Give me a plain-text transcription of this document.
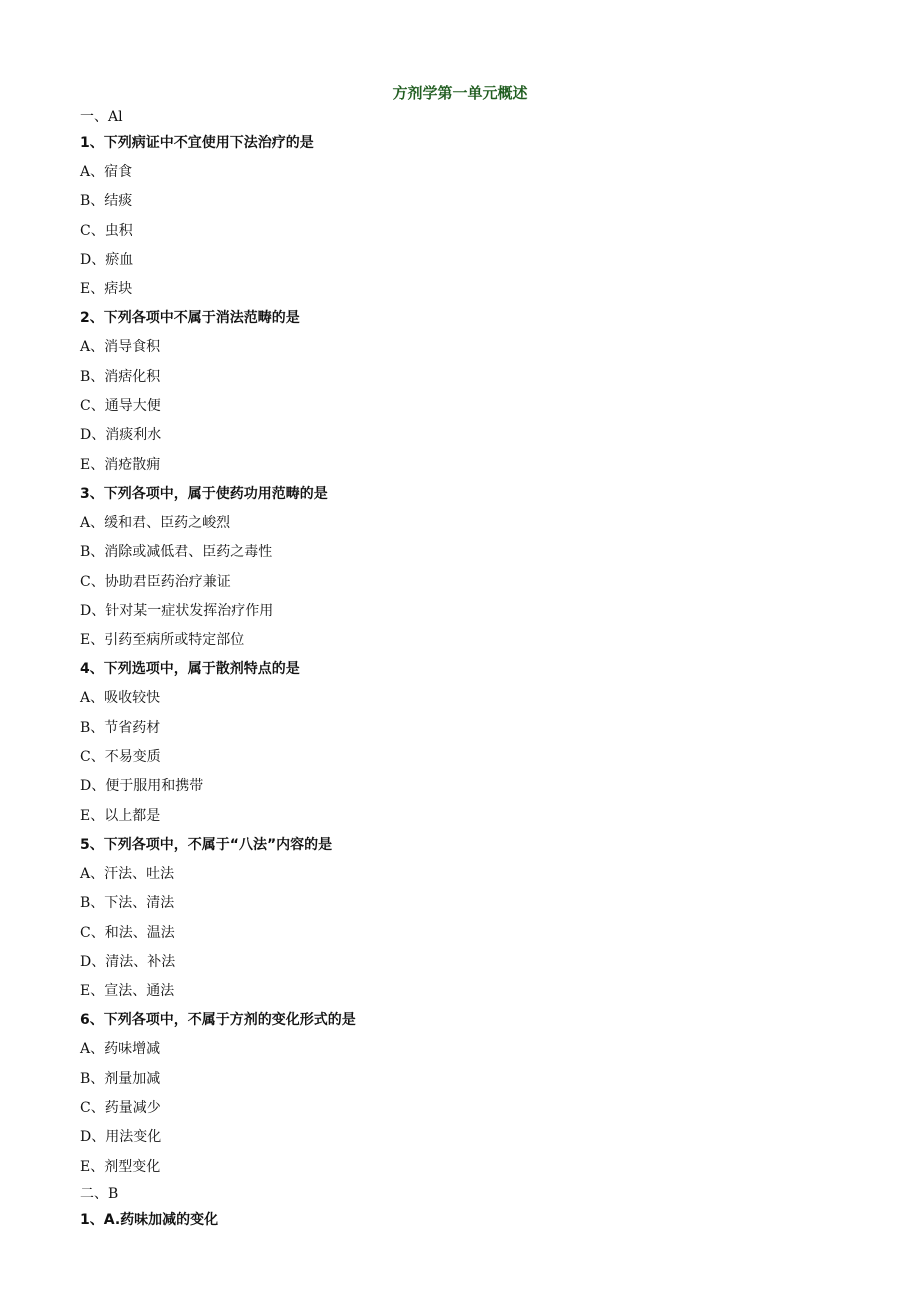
方剂学第一单元概述
一、Al
1、下列病证中不宜使用下法治疗的是
A、宿食
B、结痰
C、虫积
D、瘀血
E、痞块
2、下列各项中不属于消法范畴的是
A、消导食积
B、消痞化积
C、通导大便
D、消痰利水
E、消疮散痈
3、下列各项中，属于使药功用范畴的是
A、缓和君、臣药之峻烈
B、消除或减低君、臣药之毒性
C、协助君臣药治疗兼证
D、针对某一症状发挥治疗作用
E、引药至病所或特定部位
4、下列选项中，属于散剂特点的是
A、吸收较快
B、节省药材
C、不易变质
D、便于服用和携带
E、以上都是
5、下列各项中，不属于“八法”内容的是
A、汗法、吐法
B、下法、清法
C、和法、温法
D、清法、补法
E、宣法、通法
6、下列各项中，不属于方剂的变化形式的是
A、药味增减
B、剂量加减
C、药量减少
D、用法变化
E、剂型变化
二、B
1、A.药味加减的变化
